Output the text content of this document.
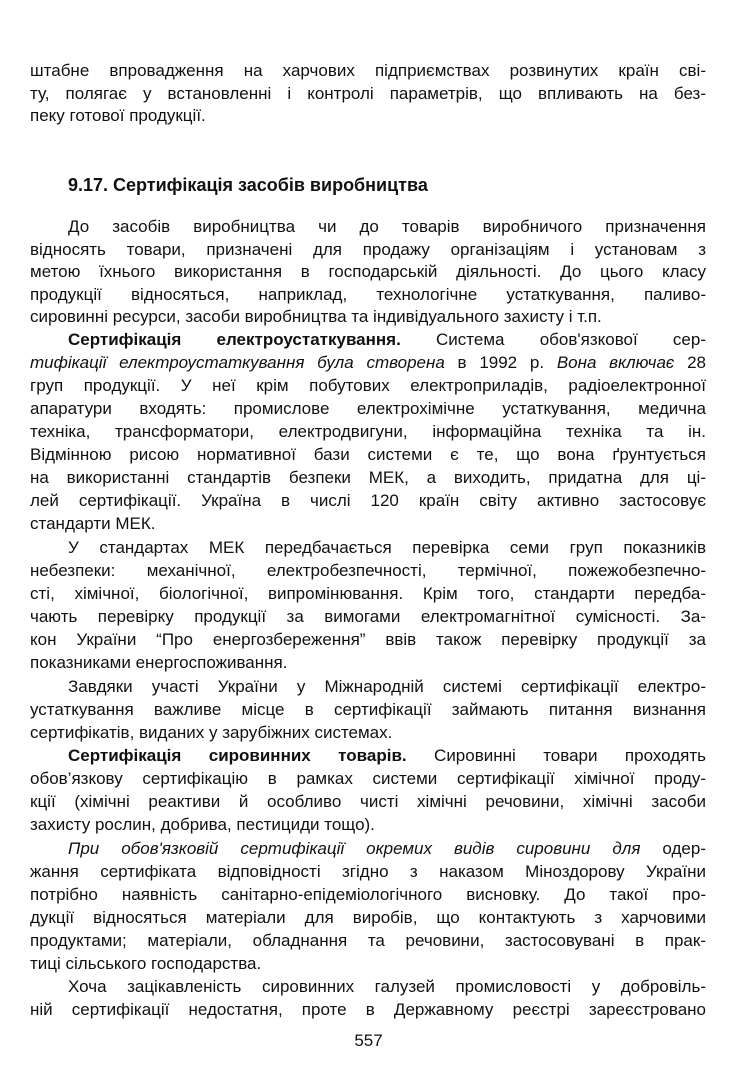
9.17. Сертифікація засобів виробництва

штабне впровадження на харчових підприємствах розвинутих країн сві-

ту, полягає у встановленні і контролі параметрів, що впливають на без-

пеку готової продукції.

До засобів виробництва чи до товарів виробничого призначення

відносять товари, призначені для продажу організаціям і установам з

метою їхнього використання в господарській діяльності. До цього класу

продукції відносяться, наприклад, технологічне устаткування, паливо-

сировинні ресурси, засоби виробництва та індивідуального захисту і т.п.

Сертифікація електроустаткування. Система обов'язкової сер-

тифікації електроустаткування була створена в 1992 р. Вона включає 28

груп продукції. У неї крім побутових електроприладів, радіоелектронної

апаратури входять: промислове електрохімічне устаткування, медична

техніка, трансформатори, електродвигуни, інформаційна техніка та ін.

Відмінною рисою нормативної бази системи є те, що вона ґрунтується

на використанні стандартів безпеки МЕК, а виходить, придатна для ці-

лей сертифікації. Україна в числі 120 країн світу активно застосовує

стандарти МЕК.

У стандартах МЕК передбачається перевірка семи груп показників

небезпеки: механічної, електробезпечності, термічної, пожежобезпечно-

сті, хімічної, біологічної, випромінювання. Крім того, стандарти передба-

чають перевірку продукції за вимогами електромагнітної сумісності. За-

кон України “Про енергозбереження” ввів також перевірку продукції за

показниками енергоспоживання.

Завдяки участі України у Міжнародній системі сертифікації електро-

устаткування важливе місце в сертифікації займають питання визнання

сертифікатів, виданих у зарубіжних системах.

Сертифікація сировинних товарів. Сировинні товари проходять

обов’язкову сертифікацію в рамках системи сертифікації хімічної проду-

кції (хімічні реактиви й особливо чисті хімічні речовини, хімічні засоби

захисту рослин, добрива, пестициди тощо).

При обов'язковій сертифікації окремих видів сировини для одер-

жання сертифіката відповідності згідно з наказом Міноздорову України

потрібно наявність санітарно-епідеміологічного висновку. До такої про-

дукції відносяться матеріали для виробів, що контактують з харчовими

продуктами; матеріали, обладнання та речовини, застосовувані в прак-

тиці сільського господарства.

Хоча зацікавленість сировинних галузей промисловості у добровіль-

ній сертифікації недостатня, проте в Державному реєстрі зареєстровано

557
